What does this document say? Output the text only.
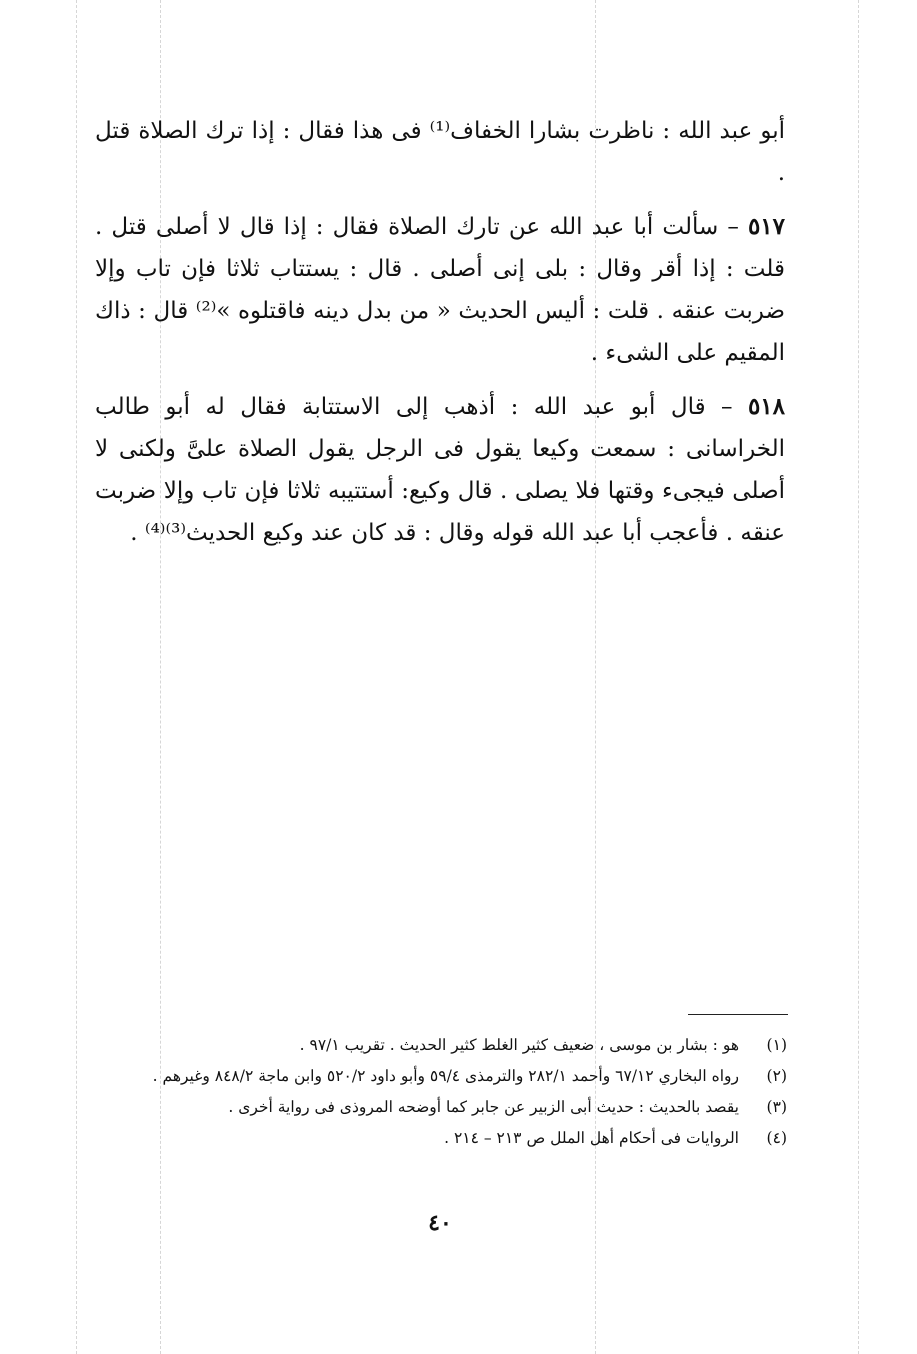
أبو عبد الله : ناظرت بشارا الخفاف⁽¹⁾ فى هذا فقال : إذا ترك الصلاة قتل .

٥١٧ – سألت أبا عبد الله عن تارك الصلاة فقال : إذا قال لا أصلى قتل . قلت : إذا أقر وقال : بلى إنى أصلى . قال : يستتاب ثلاثا فإن تاب وإلا ضربت عنقه . قلت : أليس الحديث « من بدل دينه فاقتلوه »⁽²⁾ قال : ذاك المقيم على الشىء .

٥١٨ – قال أبو عبد الله : أذهب إلى الاستتابة فقال له أبو طالب الخراسانى : سمعت وكيعا يقول فى الرجل يقول الصلاة علىَّ ولكنى لا أصلى فيجىء وقتها فلا يصلى . قال وكيع: أستتيبه ثلاثا فإن تاب وإلا ضربت عنقه . فأعجب أبا عبد الله قوله وقال : قد كان عند وكيع الحديث⁽³⁾⁽⁴⁾ .

(١)
هو : بشار بن موسى ، ضعيف كثير الغلط كثير الحديث . تقريب ٩٧/١ .
(٢)
رواه البخاري ٦٧/١٢ وأحمد ٢٨٢/١ والترمذى ٥٩/٤ وأبو داود ٥٢٠/٢ وابن ماجة ٨٤٨/٢ وغيرهم .
(٣)
يقصد بالحديث : حديث أبى الزبير عن جابر كما أوضحه المروذى فى رواية أخرى .
(٤)
الروايات فى أحكام أهل الملل ص ٢١٣ – ٢١٤ .
٤٠
